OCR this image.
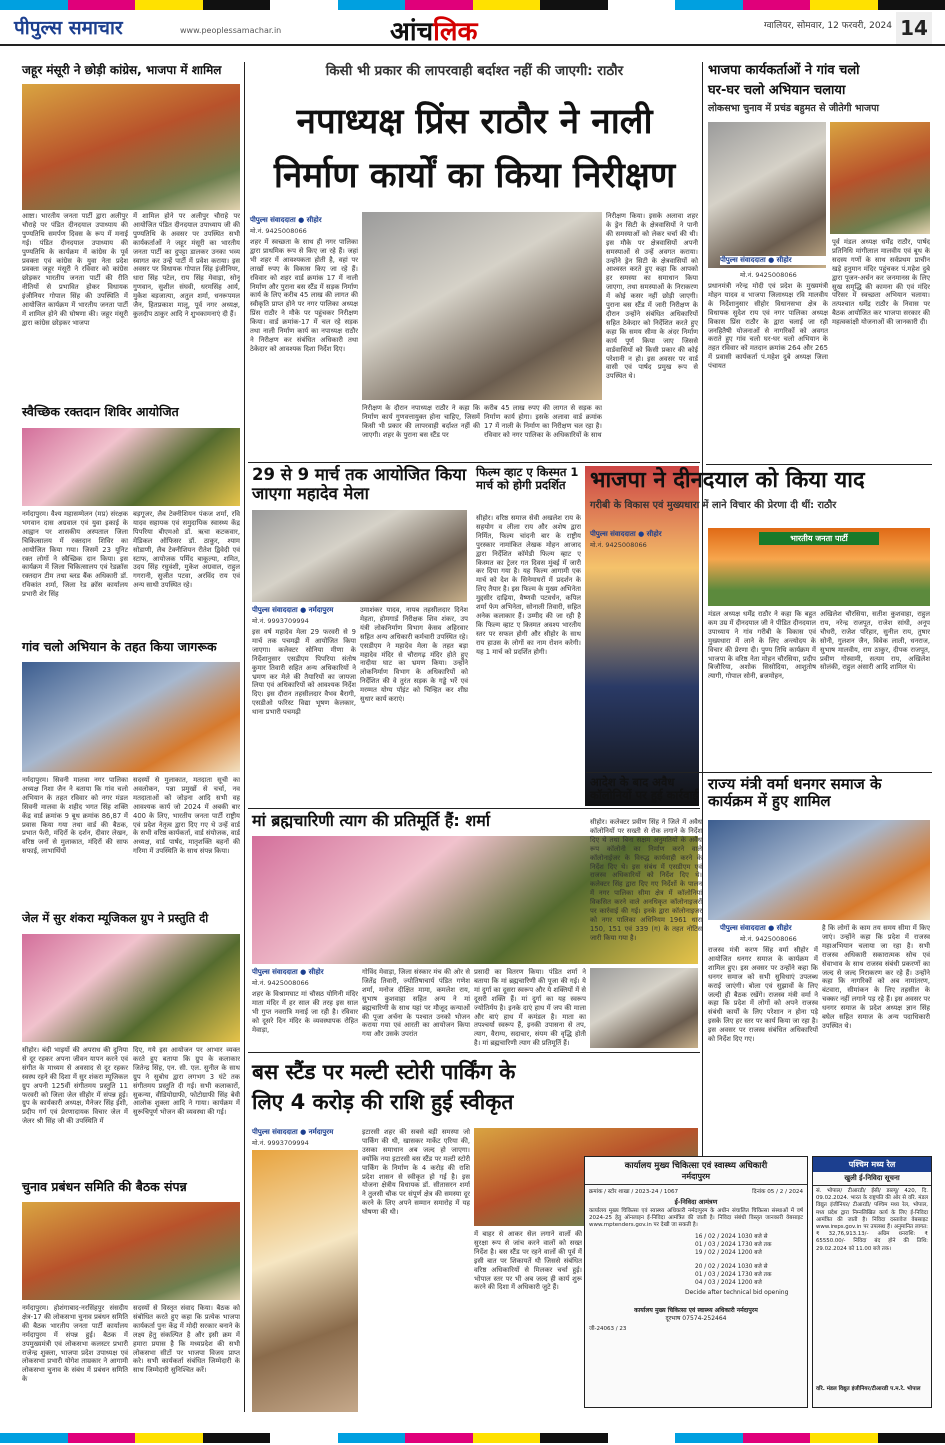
पीपुल्स समाचार	www.peoplessamachar.in	आंचलिक	ग्वालियर, सोमवार, 12 फरवरी, 2024 14
जहूर मंसूरी ने छोड़ी कांग्रेस, भाजपा में शामिल
आष्टा। भारतीय जनता पार्टी द्वारा अलीपुर चौराहे पर पंडित दीनदयाल उपाध्याय की पुण्यतिथि समर्पण दिवस के रूप में मनाई गई। पंडित दीनदयाल उपाध्याय की पुण्यतिथि के कार्यक्रम में कांग्रेस के पूर्व प्रवक्ता एवं कांग्रेस के युवा नेता प्रदेश प्रवक्ता जहूर मंसूरी ने रविवार को कांग्रेस छोड़कर भारतीय जनता पार्टी की रीति नीतियों से प्रभावित होकर विधायक इंजीनियर गोपाल सिंह की उपस्थिति में आयोजित कार्यक्रम में भारतीय जनता पार्टी में शामिल होने की घोषणा की। जहूर मंसूरी द्वारा कांग्रेस छोड़कर भाजपा
में शामिल होने पर अलीपुर चौराहे पर आयोजित पंडित दीनदयाल उपाध्याय जी की पुण्यतिथि के अवसर पर उपस्थित सभी कार्यकर्ताओं ने जहूर मंसूरी का भारतीय जनता पार्टी का दुपट्टा डालकर उनका भव्य स्वागत कर उन्हें पार्टी में प्रवेश कराया। इस अवसर पर विधायक गोपाल सिंह इंजीनियर, धारा सिंह पटेल, राय सिंह मेवाड़ा, सोनू गुणवान, सुशील संघवी, धरमसिंह आर्य, मुकेश बड़जात्या, अतुल शर्मा, धनरूपमल जैन, हितप्रकाश मालू, पूर्व नगर अध्यक्ष, कुलदीप ठाकुर आदि ने शुभकामनाएं दी हैं।
स्वैच्छिक रक्तदान शिविर आयोजित
नर्मदापुरम। वैश्य महासम्मेलन (मप्र) संरक्षक भगवान दास अग्रवाल एवं युवा इकाई के आह्वान पर शासकीय अस्पताल जिला चिकित्सालय में रक्तदान शिविर का आयोजित किया गया। जिसमें 23 यूनिट रक्त लोगों ने स्वैच्छिक दान किया। इस कार्यक्रम में जिला चिकित्सालय एवं रेडक्रॉस रक्तदान टीम तथा ब्लड बैंक अधिकारी डॉ. रविकांत शर्मा, जिला रेड क्रॉस कार्यालय प्रभारी शेर सिंह
बड़गूजर, लैब टेक्नीशियन पंकज शर्मा, रवि यादव सहायक एवं समुदायिक स्वास्थ्य केंद्र पिपरिया बीएमओ डॉ. ऋचा कटकवार, मेडिकल ऑफिसर डॉ. ठाकुर, श्याम सोडाणी, लैब टेक्नीशियन रीतेश द्विवेदी एवं स्टाफ, आयोजक पर्मिद बाकूल्या, शमित, उदय सिंह रघुवंशी, मुकेश अग्रवाल, राहुल गगरानी, सुजीत पटवा, अरविंद राय एवं अन्य साथी उपस्थित रहे।
गांव चलो अभियान के तहत किया जागरूक
नर्मदापुरम। सिवनी मालवा नगर पालिका अध्यक्ष निशा जैन ने बताया कि गांव चलो अभियान के तहत रविवार को नगर मंडल सिवनी मालवा के शहीद भगत सिंह शक्ति केंद्र वार्ड क्रमांक 9 बूथ क्रमांक 86,87 में प्रवास किया गया तथा वार्ड की बैठक, प्रभात फेरी, मंदिरों के दर्शन, दीवार लेखन, वरिष्ठ जनों से मुलाकात, मंदिरों की साफ सफाई, लाभार्थियों
सदस्यों से मुलाकात, मतदाता सूची का अवलोकन, पन्ना प्रमुखों से चर्चा, नव मतदाताओं को जोड़ना आदि सभी वह आवश्यक कार्य जो 2024 में अबकी बार 400 के लिए, भारतीय जनता पार्टी राष्ट्रीय एवं प्रदेश नेतृत्व द्वारा दिए गए थे उन्हें वार्ड के सभी वरिष्ठ कार्यकर्ता, वार्ड संयोजक, वार्ड अध्यक्ष, वार्ड पार्षद, मातृशक्ति बहनों की गरिमा में उपस्थिति के साथ संपन्न किया।
जेल में सुर शंकरा म्यूजिकल ग्रुप ने प्रस्तुति दी
सीहोर। बंदी भाइयों की अपराध की दुनिया से दूर रहकर अपना जीवन यापन करने एवं संगीत के माध्यम से अवसाद से दूर रहकर स्वस्थ रहने की दिशा में सुर शंकरा म्यूजिकल ग्रुप अपनी 125वीं संगीतमय प्रस्तुति 11 फरवरी को जिला जेल सीहोर में संपन्न हुई। ग्रुप के कार्यकारी अध्यक्ष, मैनेजर सिंह ईशी, प्रदीप गर्ग एवं प्रेरणादायक विचार जेल में जेलर श्री सिंह जी की उपस्थिति में
दिए, गये इस आयोजन पर आभार व्यक्त करते हुए बताया कि ग्रुप के कलाकार जितेन्द्र सिंह, एन. सी. एल. सुनील के साथ ग्रुप ने सुबोध द्वारा लगभग 3 घंटे तक संगीतमय प्रस्तुति दी गई। सभी कलाकारों, सुकन्या, वीडियोग्राफी, फोटोग्राफी सिंह बेवी आलोक शुक्ला आदि ने गाया। कार्यक्रम में सुरूचिपूर्ण भोजन की व्यवस्था की गई।
चुनाव प्रबंधन समिति की बैठक संपन्न
नर्मदापुरम। होशंगाबाद-नरसिंहपुर संसदीय क्षेत्र-17 की लोकसभा चुनाव प्रबंधन समिति की बैठक भारतीय जनता पार्टी कार्यालय नर्मदापुरम में संपन्न हुई। बैठक में उपमुख्यमंत्री एवं लोकसभा कलस्टर प्रभारी राजेन्द्र शुक्ला, भाजपा प्रदेश उपाध्यक्ष एवं लोकसभा प्रभारी योगेश ताम्रकार ने आगामी लोकसभा चुनाव के संबंध में प्रबंधन समिति के
सदस्यों से विस्तृत संवाद किया। बैठक को संबोधित करते हुए कहा कि प्रत्येक भाजपा कार्यकर्ता पुनः केंद्र में मोदी सरकार बनाने के लक्ष्य हेतु संकल्पित है और इसी क्रम में हमारा प्रयास है कि मध्यप्रदेश की सभी लोकसभा सीटों पर भाजपा विजय प्राप्त करे। सभी कार्यकर्ता संबंधित जिम्मेदारी के साथ जिम्मेदारी सुनिश्चित करें।
किसी भी प्रकार की लापरवाही बर्दाश्त नहीं की जाएगी: राठौर
नपाध्यक्ष प्रिंस राठौर ने नाली
निर्माण कार्यों का किया निरीक्षण
पीपुल्स संवाददाता ● सीहोर
मो.नं. 9425008066
शहर में स्वच्छता के साथ ही नगर पालिका द्वारा प्राथमिक रूप से किए जा रहे हैं। जहां भी शहर में आवश्यकता होती है, वहां पर लाखों रुपए के विकास किए जा रहे हैं। रविवार को शहर वार्ड क्रमांक 17 में नाली निर्माण और पुराना बस स्टैंड में सड़क निर्माण कार्य के लिए करीब 45 लाख की लागत की स्वीकृति प्राप्त होने पर नगर पालिका अध्यक्ष प्रिंस राठौर ने मौके पर पहुंचकर निरीक्षण किया। वार्ड क्रमांक-17 में चल रहे सड़क तथा नाली निर्माण कार्य का नपाध्यक्ष राठौर ने निरीक्षण कर संबंधित अधिकारी तथा ठेकेदार को आवश्यक दिशा निर्देश दिए।
निरीक्षण के दौरान नपाध्यक्ष राठौर ने कहा कि निर्माण कार्य गुणवत्तायुक्त होना चाहिए, जिसमें किसी भी प्रकार की लापरवाही बर्दाश्त नहीं की जाएगी। शहर के पुराना बस स्टैंड पर
करीब 45 लाख रुपए की लागत से सड़क का निर्माण कार्य होगा। इसके अलावा वार्ड क्रमांक 17 में नाली के निर्माण का निरीक्षण चल रहा है। रविवार को नगर पालिका के अधिकारियों के साथ
निरीक्षण किया। इसके अलावा शहर के ड्रेन सिटी के क्षेत्रवासियों ने पानी की समस्याओं को लेकर चर्चा की थी। इस मौके पर क्षेत्रवासियों अपनी समस्याओं से उन्हें अवगत कराया। उन्होंने ड्रेन सिटी के क्षेत्रवासियों को आश्वस्त करते हुए कहा कि आपको हर समस्या का समाधान किया जाएगा, तथा समस्याओं के निराकरण में कोई कसर नहीं छोड़ी जाएगी। पुराना बस स्टैंड में जारी निरीक्षण के दौरान उन्होंने संबंधित अधिकारियों सहित ठेकेदार को निर्देशित करते हुए कहा कि समय सीमा के अंदर निर्माण कार्य पूर्ण किया जाए जिससे वार्डवासियों को किसी प्रकार की कोई परेशानी न हो। इस अवसर पर वार्ड वासी एवं पार्षद प्रमुख रूप से उपस्थित थे।
29 से 9 मार्च तक आयोजित किया जाएगा महादेव मेला
पीपुल्स संवाददाता ● नर्मदापुरम
मो.नं. 9993709994
इस वर्ष महादेव मेला 29 फरवरी से 9 मार्च तक पचमढ़ी में आयोजित किया जाएगा। कलेक्टर सोनिया मीणा के निर्देशानुसार एसडीएम पिपरिया संतोष कुमार तिवारी सहित अन्य अधिकारियों ने भ्रमण कर मेले की तैयारियों का जायजा लिया एवं अधिकारियों को आवश्यक निर्देश दिए। इस दौरान तहसीलदार वैभव बैरागी, एसडीओ फरिस्ट विद्या भूषण केलकार, थाना प्रभारी पचमढ़ी
उमाशंकर यादव, नायब तहसीलदार दिनेश मेहता, होमगार्ड निरीक्षक शिव शंकर, उप यंत्री लोकनिर्माण विभाग केसव अहिरवार सहित अन्य अधिकारी कर्मचारी उपस्थित रहे। एसडीएम ने महादेव मेला के तहत बड़ा महादेव मंदिर से चौरागढ़ मंदिर होते हुए नादीया घाट का भ्रमण किया। उन्होंने लोकनिर्माण विभाग के अधिकारियों को निर्देशित की वे तुरंत सड़क के गड्ढे भरें एवं मरम्मत योग्य पॉइंट को चिन्हित कर शीघ्र सुधार कार्य कराएं।
फिल्म व्हाट ए किस्मत 1 मार्च को होगी प्रदर्शित
सीहोर। वरिष्ठ समाज सेवी अखलेश राय के सहयोग व लीला राय और अशेष द्वारा निर्मित, फिल्म चांदनी बार के राष्ट्रीय पुरस्कार नामांकित लेखक मोहन आजाद द्वारा निर्देशित कॉमेडी फिल्म व्हाट ए किस्मत का ट्रेलर गत दिवस मुंबई में जारी कर दिया गया है। यह फिल्म आगामी एक मार्च को देश के सिनेमाघरों में प्रदर्शन के लिए तैयार है। इस फिल्म के मुख्य अभिनेता मुद्दसीर दाढ़िया, वैष्णवी पटवर्धन, कपिल शर्मा फेम अभिनेता, सोनाली तिवारी, सहित अनेक कलाकार हैं। उम्मीद की जा रही है कि फिल्म व्हाट ए किस्मत अवश्य भारतीय स्तर पर सफल होगी और सीहोर के साथ राय हाउस के लोगों का नाम रोशन करेगी। यह 1 मार्च को प्रदर्शित होगी।
मां ब्रह्मचारिणी त्याग की प्रतिमूर्ति हैं: शर्मा
पीपुल्स संवाददाता ● सीहोर
मो.नं. 9425008066
शहर के विश्रामघाट मां चौसठ योगिनी मंदिर माता मंदिर में हर साल की तरह इस साल भी गुप्त नवरात्रि मनाई जा रही है। रविवार को दूसरे दिन मंदिर के व्यवस्थापक रोहित मेवाड़ा,
गोविंद मेवाड़ा, जिला संस्कार मंच की ओर से जितेंद्र तिवारी, ज्योतिषाचार्य पंडित गणेश शर्मा, मनोज दीक्षित मामा, कमलेश राय, सुभाष कुशवाहा सहित अन्य ने मां ब्रह्मचारिणी के साथ यहां पर मौजूद कन्याओं की पूजा अर्चना के पश्चात उनको भोजन कराया गया एवं आरती का आयोजन किया गया और उसके उपरांत
प्रसादी का वितरण किया। पंडित शर्मा ने बताया कि मां ब्रह्मचारिणी की पूजा की गई। ये मां दुर्गा का दूसरा स्वरूप और ये शक्तियों में से दूसरी शक्ति हैं। मां दुर्गा का यह स्वरूप ज्योतिर्मय है। इनके दाएं हाथ में जप की माला और बाएं हाथ में कमंडल है। माता का तपश्चर्या स्वरूप हैं, इनकी उपासना से तप, त्याग, वैराग्य, सदाचार, संयम की वृद्धि होती है। मां ब्रह्मचारिणी त्याग की प्रतिमूर्ति हैं।
बस स्टैंड पर मल्टी स्टोरी पार्किंग के
लिए 4 करोड़ की राशि हुई स्वीकृत
पीपुल्स संवाददाता ● नर्मदापुरम
मो.नं. 9993709994
इटारसी शहर की सबसे बड़ी समस्या जो पार्किंग की थी, खासकर मार्केट एरिया की, उसका समाधान अब जल्द हो जाएगा। क्योंकि नया इटारसी बस स्टैंड पर मल्टी स्टोरी पार्किंग के निर्माण के 4 करोड़ की राशि प्रदेश शासन से स्वीकृत हो गई है। इस योजना क्षेत्रीय विधायक डॉ. सीतासरन शर्मा ने तुलसी चौक पर संपूर्ण क्षेत्र की समस्या दूर करने के लिए अपने सम्मान समारोह में यह घोषणा की थी।
में बाहर से आकर सेल लगाने वालों की सुरक्षा रूप से जांच करने वालों को सख्त निर्देश है। बस स्टैंड पर रहने वालों की पूर्व में इसी बात पर शिकायतें थी जिससे संबंधित वरिष्ठ अधिकारियों से मिलकर चर्चा हुई। भोपाल स्तर पर भी अब जल्द ही कार्य शुरू करने की दिशा में अधिकारी जुटे हैं।
भाजपा कार्यकर्ताओं ने गांव चलो
घर-घर चलो अभियान चलाया
लोकसभा चुनाव में प्रचंड बहुमत से जीतेगी भाजपा
पीपुल्स संवाददाता ● सीहोर
मो.नं. 9425008066
प्रधानमंत्री नरेन्द्र मोदी एवं प्रदेश के मुख्यमंत्री मोहन यादव व भाजपा जिलाध्यक्ष रवि मालवीय के निर्देशानुसार सीहोर विधानसभा क्षेत्र के विधायक सुदेश राय एवं नगर पालिका अध्यक्ष विकास प्रिंस राठौर के द्वारा चलाई जा रही जनहितैषी योजनाओं से नागरिकों को अवगत कराते हुए गांव चलो घर-घर चलो अभियान के तहत रविवार को मतदान क्रमांक 264 और 265 में प्रवासी कार्यकर्ता पं.महेश दुबे अध्यक्ष जिला पंचायत
पूर्व मंडल अध्यक्ष धर्मेंद्र राठौर, पार्षद प्रतिनिधि मांगीलाल मालवीय एवं बूथ के सदस्य गणों के साथ सर्वप्रथम प्राचीन खड़े हनुमान मंदिर पहुंचकर पं.महेश दुबे द्वारा पूजन-अर्चन कर जनमानस के लिए सुख समृद्धि की कामना की एवं मंदिर परिसर में स्वच्छता अभियान चलाया। तत्पश्चात धर्मेंद्र राठौर के निवास पर बैठक आयोजित कर भाजपा सरकार की महत्वकांक्षी योजनाओं की जानकारी दी।
भाजपा ने दीनदयाल को किया याद
गरीबी के विकास एवं मुख्यधारा में लाने विचार की प्रेरणा दी थीं: राठौर
पीपुल्स संवाददाता ● सीहोर
मो.नं. 9425008066
भारतीय जनता पार्टी
मंडल अध्यक्ष धर्मेंद्र राठौर ने कहा कि बहुत कम उम्र में दीनदयाल जी ने पीडित दीनदयाल उपाध्याय ने गांव गरीबी के विकास एवं मुख्यधारा में लाने के लिए अन्त्योदय के विचार की प्रेरणा दी। पुण्य तिथि कार्यक्रम में भाजपा के वरिष्ठ नेता मोहन चौरसिया, प्रदीप बिजौरिया, अशोक सिसोदिया, आशुतोष त्यागी, गोपाल सोनी, ब्रजमोहन,
अखिलेश चौरसिया, सतीश कुशवाहा, राहुल राय, नरेन्द्र राजपूत, राजेश सांधी, अनूप चौधरी, राजेश परिहार, सुनील राय, तुषार सोनी, गुलशन जैन, विवेक लाली, धनराज, सुभाष मालवीय, राम ठाकुर, दीपक राजपूत, प्रवीण गोस्वामी, सत्यम राय, अखिलेश सोलंकी, राहुल अंसारी आदि शामिल थे।
आदेश के बाद अवैध कॉलोनियों पर हुई कार्रवाई
राज्य मंत्री वर्मा धनगर समाज के कार्यक्रम में हुए शामिल
पीपुल्स संवाददाता ● सीहोर
मो.नं. 9425008066
राजस्व मंत्री करण सिंह वर्मा सीहोर में आयोजित धनगर समाज के कार्यक्रम में शामिल हुए। इस अवसर पर उन्होंने कहा कि धनगर समाज को सभी सुविधाएं उपलब्ध कराई जाएंगी। बोला एवं सुझावों के लिए जल्दी ही बैठक रखेंगे। राजस्व मंत्री वर्मा ने कहा कि प्रदेश में लोगों को अपने राजस्व संबंधी कार्यों के लिए परेशान न होना पड़े इसके लिए हर स्तर पर कार्य किया जा रहा है। इस अवसर पर राजस्व संबंधित अधिकारियों को निर्देश दिए गए।
है कि लोगों के काम तय समय सीमा में किए जाएं। उन्होंने कहा कि प्रदेश में राजस्व महाअभियान चलाया जा रहा है। सभी राजस्व अधिकारी सकारात्मक सोच एवं सेवाभाव के साथ राजस्व संबंधी प्रकरणों का जल्द से जल्द निराकरण कर रहे हैं। उन्होंने कहा कि नागरिकों को अब नामांतरण, बंटवारा, सीमांकन के लिए तहसील के चक्कर नहीं लगाने पड़ रहे हैं। इस अवसर पर धनगर समाज के प्रदेश अध्यक्ष ज्ञान सिंह बघेल सहित समाज के अन्य पदाधिकारी उपस्थित थे।
कार्यालय मुख्य चिकित्सा एवं स्वास्थ्य अधिकारी
नर्मदापुरम
क्रमांक / स्टोर शाखा / 2023-24 / 1067	दिनांक 05 / 2 / 2024
ई-निविदा आमंत्रण
कार्यालय मुख्य चिकित्सा एवं स्वास्थ्य अधिकारी नर्मदापुरम के अधीन संचालित चिकित्सा संस्थाओं में वर्ष 2024-25 हेतु ऑनलाइन ई-निविदा आमंत्रित की जाती है। निविदा संबंधी विस्तृत जानकारी वेबसाइट www.mptenders.gov.in पर देखी जा सकती है।
16 / 02 / 2024 1030 बजे से
01 / 03 / 2024 1730 बजे तक
19 / 02 / 2024 1200 बजे
20 / 02 / 2024 1030 बजे से
01 / 03 / 2024 1730 बजे तक
04 / 03 / 2024 1200 बजे
Decide after technical bid opening
कार्यालय मुख्य चिकित्सा एवं स्वास्थ्य अधिकारी नर्मदापुरम
दूरभाष 07574-252464
जी-24063 / 23
पश्चिम मध्य रेल
खुली ई-निविदा सूचना
सं. भोपाल/ टीआरडी/ ईसी/ डब्ल्यू/ 420, दि. 09.02.2024. भारत के राष्ट्रपति की ओर से वरि. मंडल विद्युत इंजीनियर/ टीआरडी/ पश्चिम मध्य रेल, भोपाल, मध्य प्रदेश द्वारा निम्नलिखित कार्य के लिए ई-निविदा आमंत्रित की जाती है। निविदा दस्तावेज वेबसाइट www.ireps.gov.in पर उपलब्ध हैं। अनुमानित लागत: ₹ 32,76,913.13/- अग्रिम धनराशि: ₹ 65550.00/- निविदा बंद होने की तिथि: 29.02.2024 को 11.00 बजे तक।
वरि. मंडल विद्युत इंजीनियर/टीआरडी प.म.रे. भोपाल
सीहोर। कलेक्टर प्रवीण सिंह ने जिले में अवैध कॉलोनियों पर सख्ती से रोक लगाने के निर्देश दिए थे तथा बिना सक्षम अनुमतियों के अवैध रूप कॉलोनी का निर्माण करने वाले कॉलोनाईजर के विरुद्ध कार्यवाही करने के निर्देश दिए थे। इस संबंध में एसडीएम एवं राजस्व अधिकारियों को निर्देश दिए थे। कलेक्टर सिंह द्वारा दिए गए निर्देशों के पालन में नगर पालिका सीमा क्षेत्र में कॉलोनियां विकसित करने वाले अनधिकृत कॉलोनाइजरों पर कार्रवाई की गई। इनके द्वारा कॉलोनाइजर को नगर पालिका अधिनियम 1961 धारा 150, 151 एवं 339 (ग) के तहत नोटिस जारी किया गया है।
